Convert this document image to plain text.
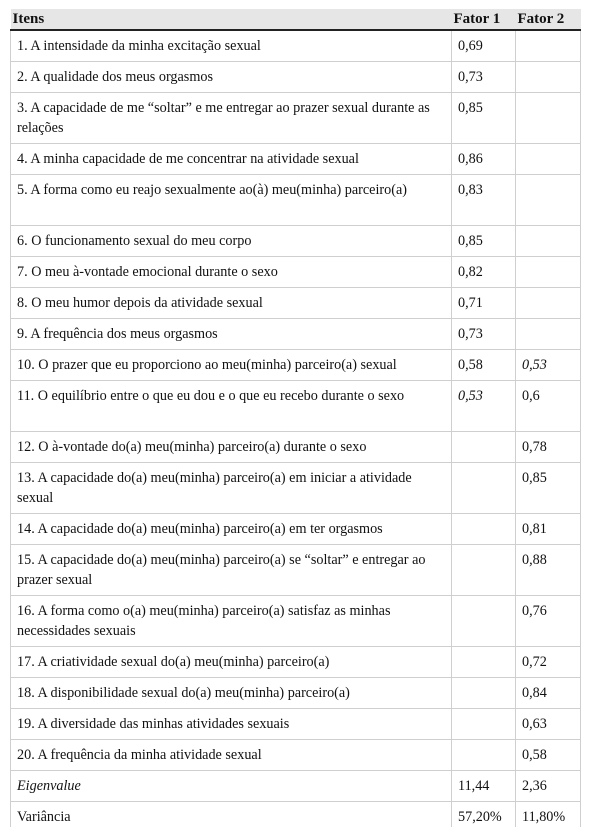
Itens	Fator 1	Fator 2
1. A intensidade da minha excitação sexual	0,69	
2. A qualidade dos meus orgasmos	0,73	
3. A capacidade de me “soltar” e me entregar ao prazer sexual durante as relações	0,85	
4. A minha capacidade de me concentrar na atividade sexual	0,86	
5. A forma como eu reajo sexualmente ao(à) meu(minha) parceiro(a)	0,83	
6. O funcionamento sexual do meu corpo	0,85	
7. O meu à-vontade emocional durante o sexo	0,82	
8. O meu humor depois da atividade sexual	0,71	
9. A frequência dos meus orgasmos	0,73	
10. O prazer que eu proporciono ao meu(minha) parceiro(a) sexual	0,58	0,53
11. O equilíbrio entre o que eu dou e o que eu recebo durante o sexo	0,53	0,6
12. O à-vontade do(a) meu(minha) parceiro(a) durante o sexo		0,78
13. A capacidade do(a) meu(minha) parceiro(a) em iniciar a atividade sexual		0,85
14. A capacidade do(a) meu(minha) parceiro(a) em ter orgasmos		0,81
15. A capacidade do(a) meu(minha) parceiro(a) se “soltar” e entregar ao prazer sexual		0,88
16. A forma como o(a) meu(minha) parceiro(a) satisfaz as minhas necessidades sexuais		0,76
17. A criatividade sexual do(a) meu(minha) parceiro(a)		0,72
18. A disponibilidade sexual do(a) meu(minha) parceiro(a)		0,84
19. A diversidade das minhas atividades sexuais		0,63
20. A frequência da minha atividade sexual		0,58
Eigenvalue	11,44	2,36
Variância	57,20%	11,80%
